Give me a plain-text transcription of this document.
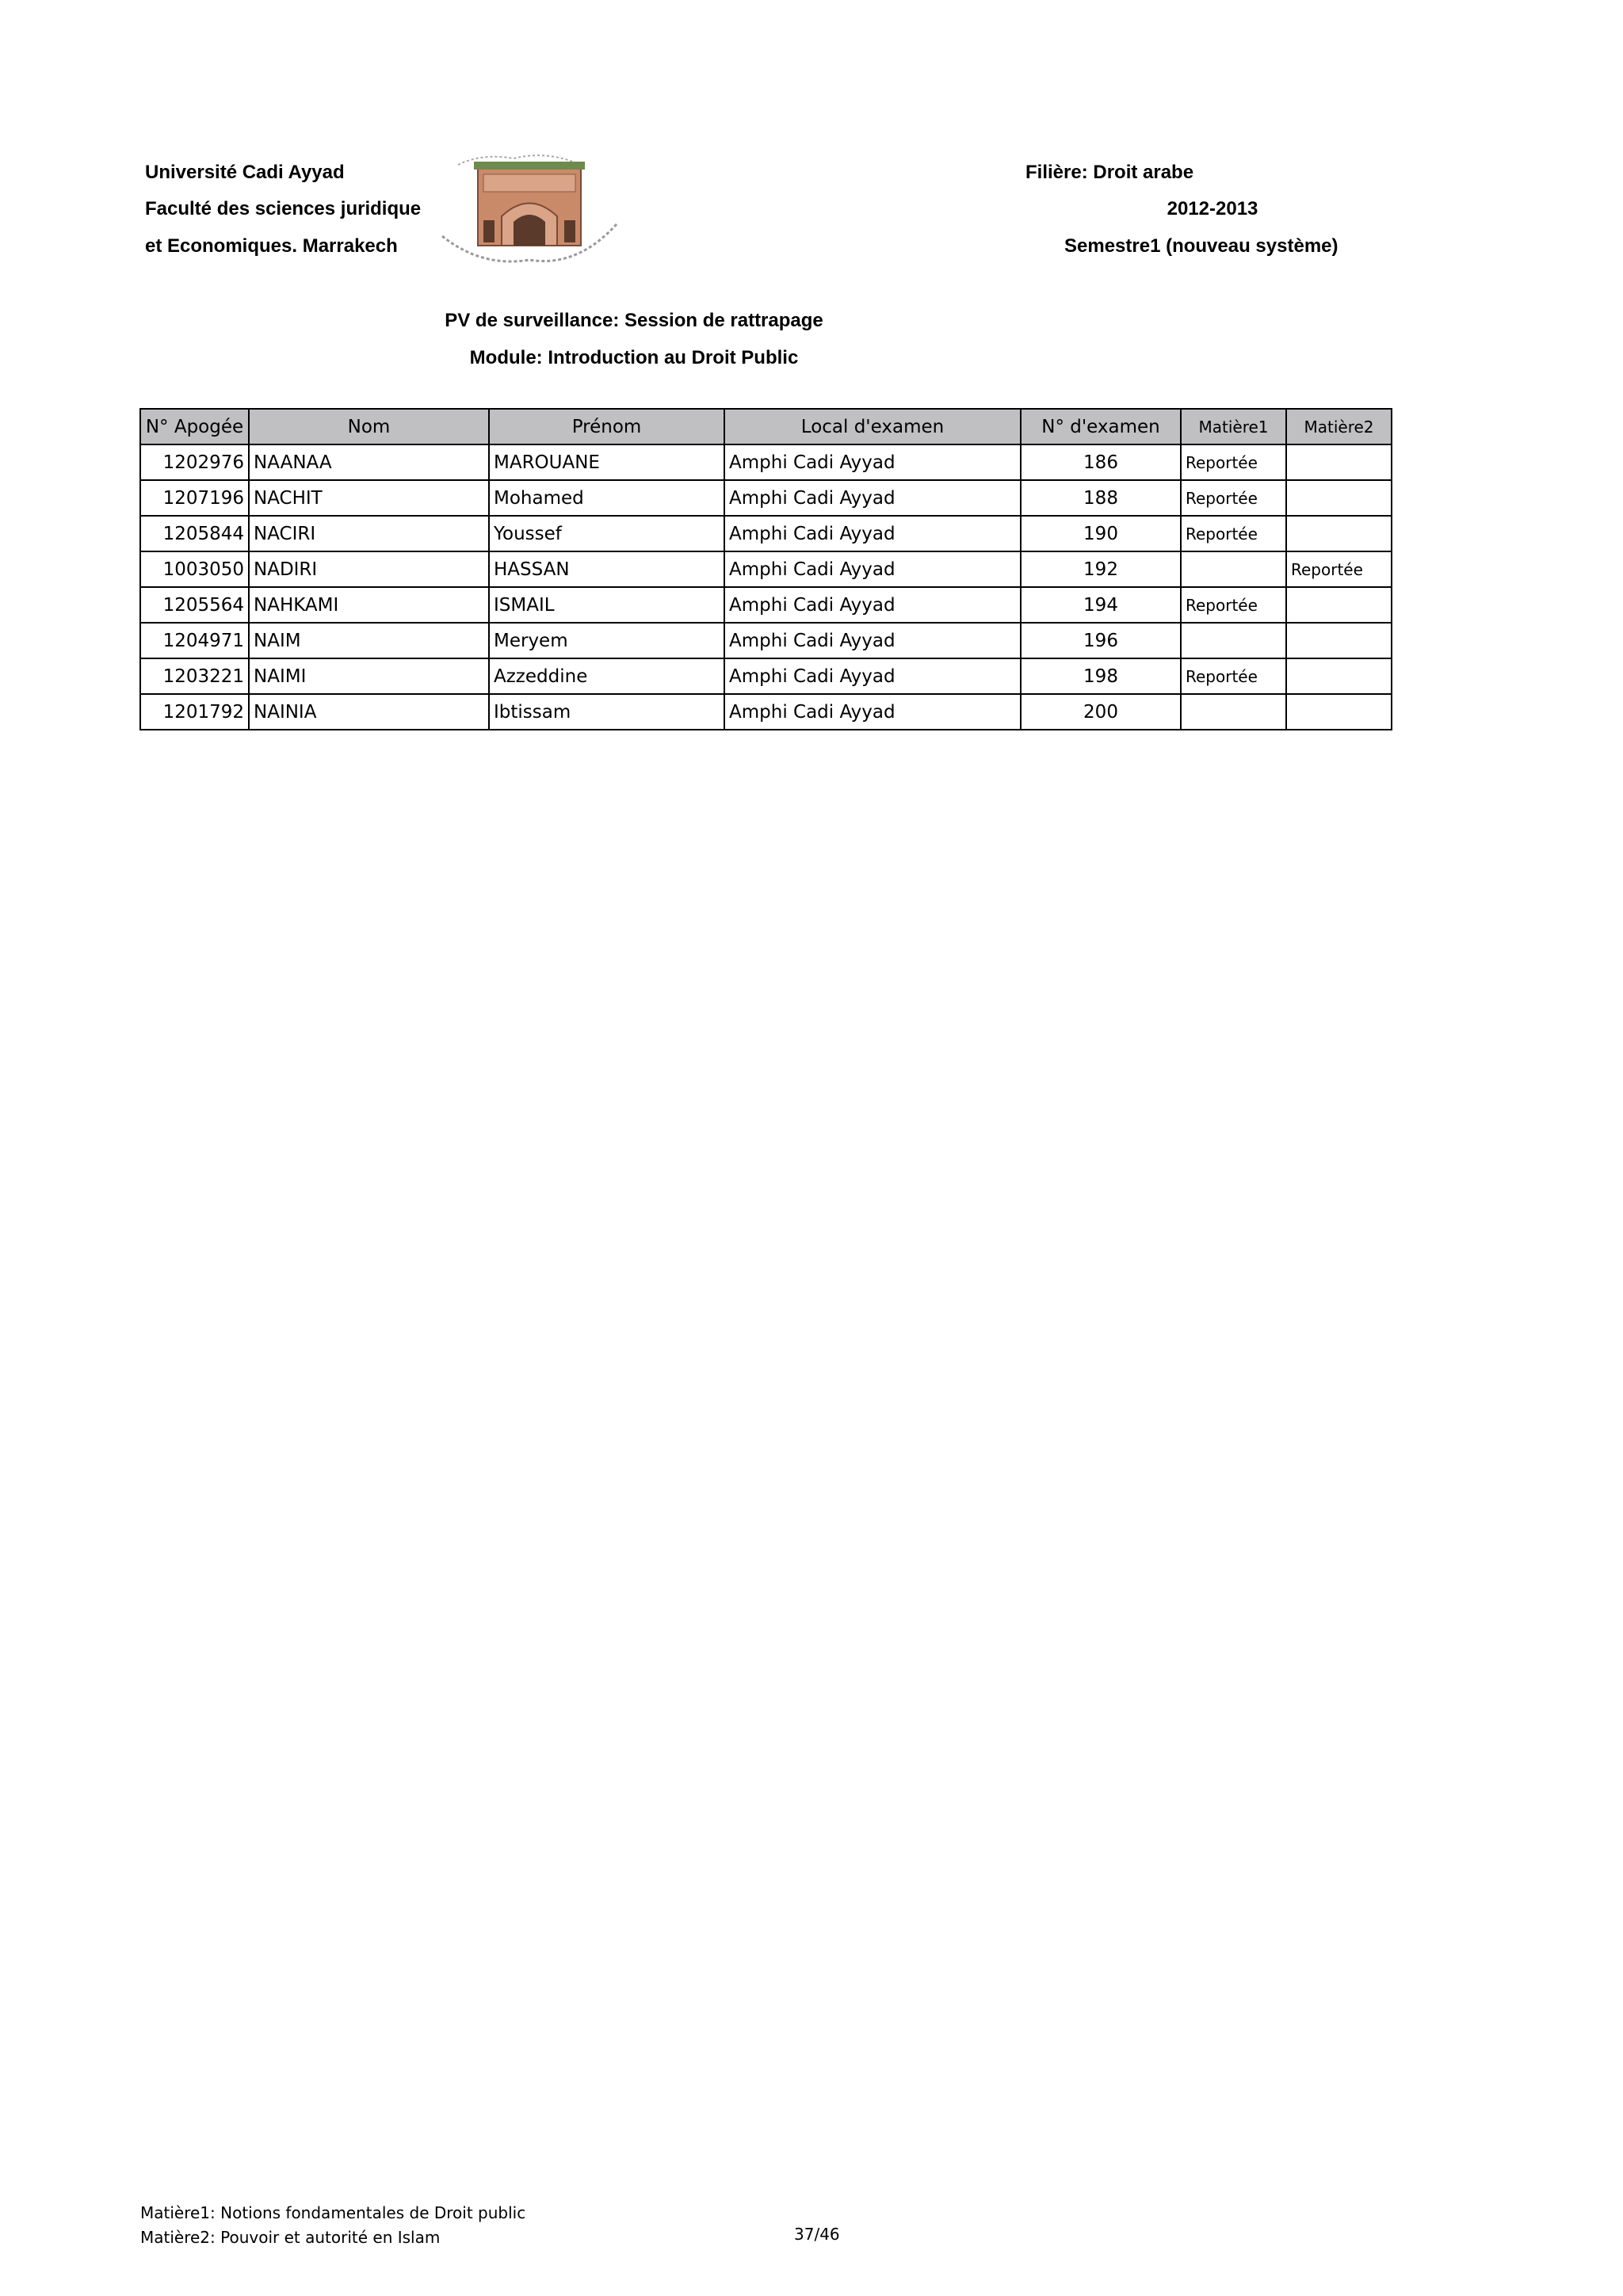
Université Cadi Ayyad
Faculté des sciences juridique
et Economiques. Marrakech
Filière: Droit arabe
2012-2013
Semestre1 (nouveau système)
PV de surveillance: Session de rattrapage
Module: Introduction au Droit Public
N° Apogée	Nom	Prénom	Local d'examen	N° d'examen	Matière1	Matière2
1202976	NAANAA	MAROUANE	Amphi Cadi Ayyad	186	Reportée	
1207196	NACHIT	Mohamed	Amphi Cadi Ayyad	188	Reportée	
1205844	NACIRI	Youssef	Amphi Cadi Ayyad	190	Reportée	
1003050	NADIRI	HASSAN	Amphi Cadi Ayyad	192		Reportée
1205564	NAHKAMI	ISMAIL	Amphi Cadi Ayyad	194	Reportée	
1204971	NAIM	Meryem	Amphi Cadi Ayyad	196		
1203221	NAIMI	Azzeddine	Amphi Cadi Ayyad	198	Reportée	
1201792	NAINIA	Ibtissam	Amphi Cadi Ayyad	200		
Matière1: Notions fondamentales de Droit public
Matière2: Pouvoir et autorité en Islam	37/46
